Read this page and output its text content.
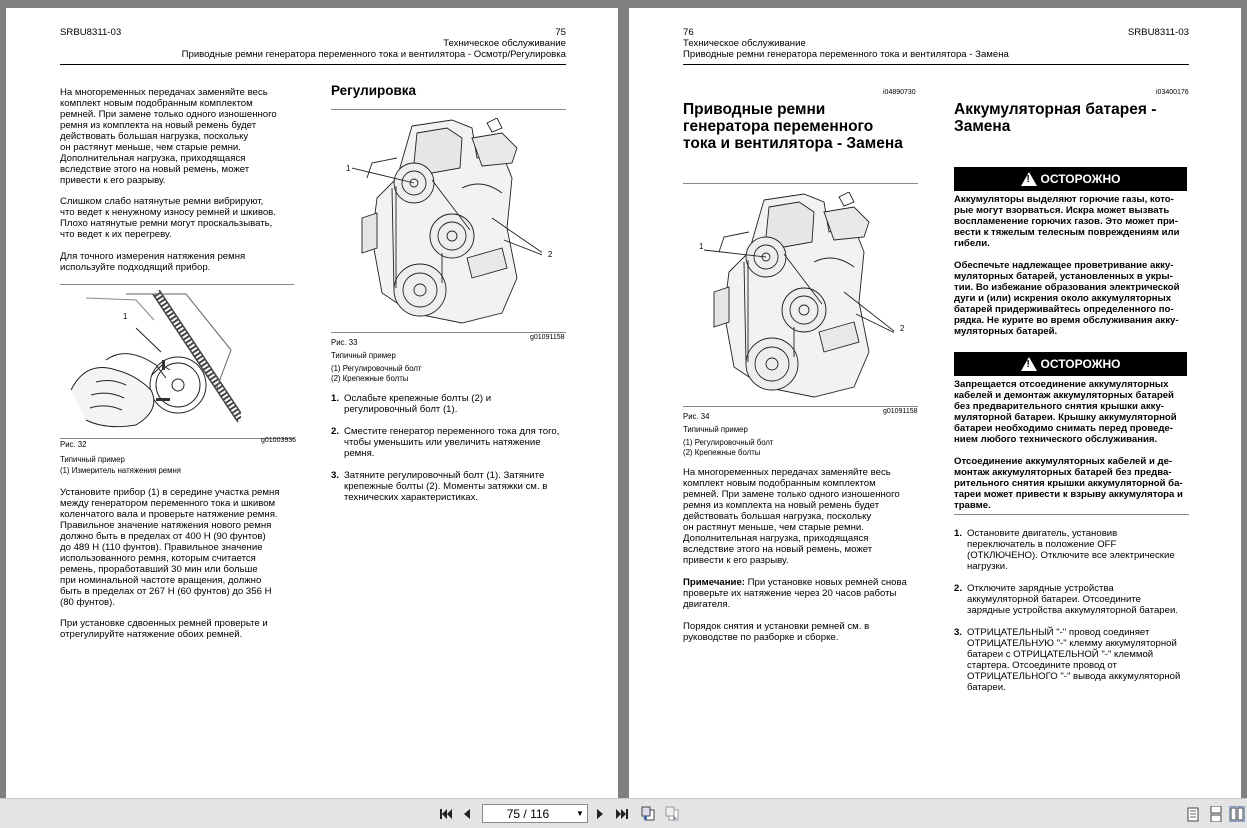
SRBU8311-03	75
Техническое обслуживание
Приводные ремни генератора переменного тока и вентилятора - Осмотр/Регулировка
На многоременных передачах заменяйте весь
комплект новым подобранным комплектом
ремней. При замене только одного изношенного
ремня из комплекта на новый ремень будет
действовать большая нагрузка, поскольку
он растянут меньше, чем старые ремни.
Дополнительная нагрузка, приходящаяся
вследствие этого на новый ремень, может
привести к его разрыву.
Слишком слабо натянутые ремни вибрируют,
что ведет к ненужному износу ремней и шкивов.
Плохо натянутые ремни могут проскальзывать,
что ведет к их перегреву.
Для точного измерения натяжения ремня
используйте подходящий прибор.
1
Рис. 32	g01003936
Типичный пример
(1) Измеритель натяжения ремня
Установите прибор (1) в середине участка ремня
между генератором переменного тока и шкивом
коленчатого вала и проверьте натяжение ремня.
Правильное значение натяжения нового ремня
должно быть в пределах от 400 Н (90 фунтов)
до 489 Н (110 фунтов). Правильное значение
использованного ремня, которым считается
ремень, проработавший 30 мин или больше
при номинальной частоте вращения, должно
быть в пределах от 267 Н (60 фунтов) до 356 Н
(80 фунтов).
При установке сдвоенных ремней проверьте и
отрегулируйте натяжение обоих ремней.
Регулировка
1
2
g01091158
Рис. 33
Типичный пример
(1) Регулировочный болт
(2) Крепежные болты
1. Ослабьте крепежные болты (2) и
регулировочный болт (1).
2. Сместите генератор переменного тока для того,
чтобы уменьшить или увеличить натяжение
ремня.
3. Затяните регулировочный болт (1). Затяните
крепежные болты (2). Моменты затяжки см. в
технических характеристиках.
76	SRBU8311-03
Техническое обслуживание
Приводные ремни генератора переменного тока и вентилятора - Замена
i04890730
Приводные ремни
генератора переменного
тока и вентилятора - Замена
1
2
g01091158
Рис. 34
Типичный пример
(1) Регулировочный болт
(2) Крепежные болты
На многоременных передачах заменяйте весь
комплект новым подобранным комплектом
ремней. При замене только одного изношенного
ремня из комплекта на новый ремень будет
действовать большая нагрузка, поскольку
он растянут меньше, чем старые ремни.
Дополнительная нагрузка, приходящаяся
вследствие этого на новый ремень, может
привести к его разрыву.
Примечание: При установке новых ремней снова
проверьте их натяжение через 20 часов работы
двигателя.
Порядок снятия и установки ремней см. в
руководстве по разборке и сборке.
i03400176
Аккумуляторная батарея -
Замена
! ОСТОРОЖНО
Аккумуляторы выделяют горючие газы, кото-
рые могут взорваться. Искра может вызвать
воспламенение горючих газов. Это может при-
вести к тяжелым телесным повреждениям или
гибели.
Обеспечьте надлежащее проветривание акку-
муляторных батарей, установленных в укры-
тии. Во избежание образования электрической
дуги и (или) искрения около аккумуляторных
батарей придерживайтесь определенного по-
рядка. Не курите во время обслуживания акку-
муляторных батарей.
! ОСТОРОЖНО
Запрещается отсоединение аккумуляторных
кабелей и демонтаж аккумуляторных батарей
без предварительного снятия крышки акку-
муляторной батареи. Крышку аккумуляторной
батареи необходимо снимать перед проведе-
нием любого технического обслуживания.
Отсоединение аккумуляторных кабелей и де-
монтаж аккумуляторных батарей без предва-
рительного снятия крышки аккумуляторной ба-
тареи может привести к взрыву аккумулятора и
травме.
1. Остановите двигатель, установив
переключатель в положение OFF
(ОТКЛЮЧЕНО). Отключите все электрические
нагрузки.
2. Отключите зарядные устройства
аккумуляторной батареи. Отсоедините
зарядные устройства аккумуляторной батареи.
3. ОТРИЦАТЕЛЬНЫЙ "-" провод соединяет
ОТРИЦАТЕЛЬНУЮ "-" клемму аккумуляторной
батареи с ОТРИЦАТЕЛЬНОЙ "-" клеммой
стартера. Отсоедините провод от
ОТРИЦАТЕЛЬНОГО "-" вывода аккумуляторной
батареи.
75 / 116	▼
